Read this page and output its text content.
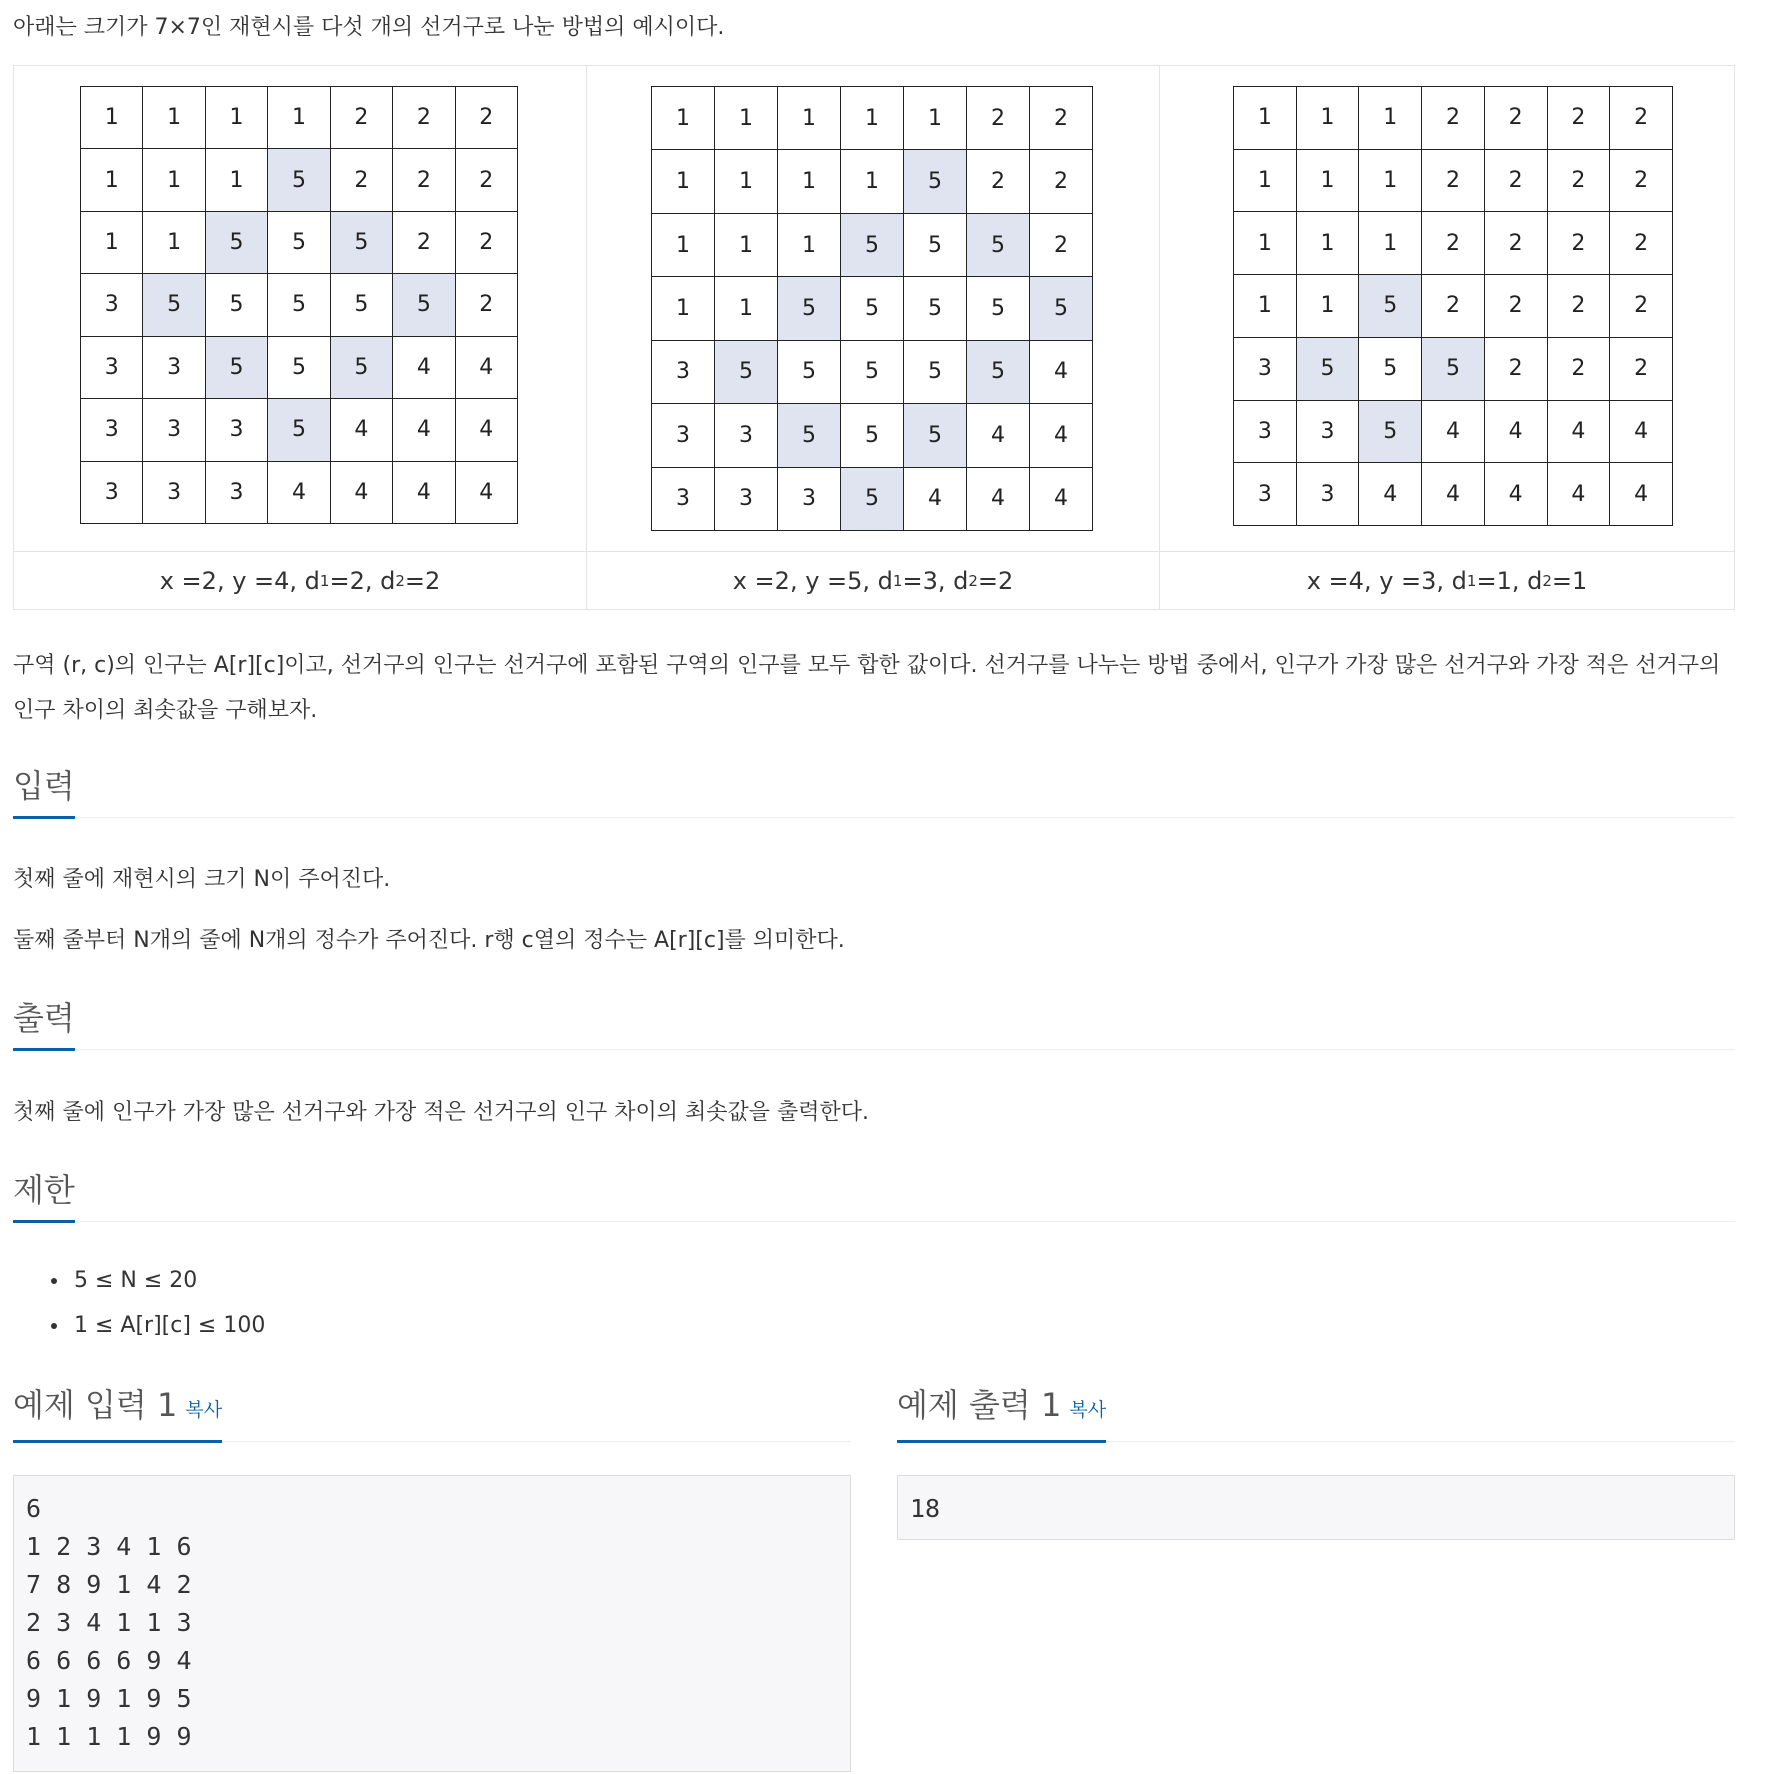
아래는 크기가 7×7인 재현시를 다섯 개의 선거구로 나눈 방법의 예시이다.
1	1	1	1	2	2	2
1	1	1	5	2	2	2
1	1	5	5	5	2	2
3	5	5	5	5	5	2
3	3	5	5	5	4	4
3	3	3	5	4	4	4
3	3	3	4	4	4	4
x = 2 , y = 4 , d 1 = 2 , d 2 = 2
1	1	1	1	1	2	2
1	1	1	1	5	2	2
1	1	1	5	5	5	2
1	1	5	5	5	5	5
3	5	5	5	5	5	4
3	3	5	5	5	4	4
3	3	3	5	4	4	4
x = 2 , y = 5 , d 1 = 3 , d 2 = 2
1	1	1	2	2	2	2
1	1	1	2	2	2	2
1	1	1	2	2	2	2
1	1	5	2	2	2	2
3	5	5	5	2	2	2
3	3	5	4	4	4	4
3	3	4	4	4	4	4
x = 4 , y = 3 , d 1 = 1 , d 2 = 1
구역 (r, c)의 인구는 A[r][c]이고, 선거구의 인구는 선거구에 포함된 구역의 인구를 모두 합한 값이다. 선거구를 나누는 방법 중에서, 인구가 가장 많은 선거구와 가장 적은 선거구의 인구 차이의 최솟값을 구해보자.
입력
첫째 줄에 재현시의 크기 N이 주어진다.
둘째 줄부터 N개의 줄에 N개의 정수가 주어진다. r행 c열의 정수는 A[r][c]를 의미한다.
출력
첫째 줄에 인구가 가장 많은 선거구와 가장 적은 선거구의 인구 차이의 최솟값을 출력한다.
제한
• 5 ≤ N ≤ 20
• 1 ≤ A[r][c] ≤ 100
예제 입력 1 복사
6
1 2 3 4 1 6
7 8 9 1 4 2
2 3 4 1 1 3
6 6 6 6 9 4
9 1 9 1 9 5
1 1 1 1 9 9
예제 출력 1 복사
18
